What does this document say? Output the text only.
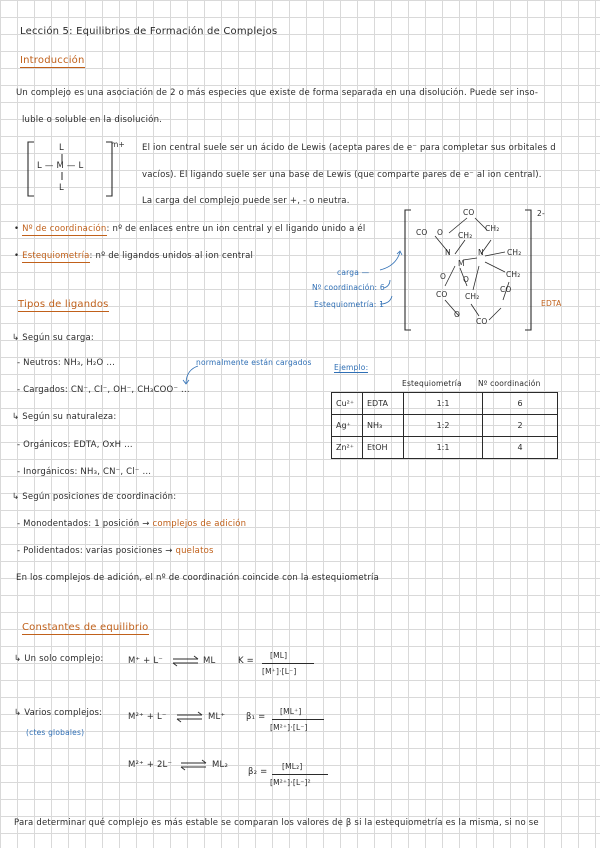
Lección 5: Equilibrios de Formación de Complejos
Introducción
Un complejo es una asociación de 2 o más especies que existe de forma separada en una disolución. Puede ser inso-
luble o soluble en la disolución.
L
L — M — L
L
m+ El ion central suele ser un ácido de Lewis (acepta pares de e⁻ para completar sus orbitales d
vacíos). El ligando suele ser una base de Lewis (que comparte pares de e⁻ al ion central).
La carga del complejo puede ser +, - o neutra.
• Nº de coordinación: nº de enlaces entre un ion central y el ligando unido a él
• Estequiometría: nº de ligandos unidos al ion central
2-
CO
CO O CH₂
CH₂
N	N	CH₂
M
CH₂
O O
CO
CO CH₂
O
CO
EDTA
carga —
Nº coordinación: 6
Estequiometría: 1
Tipos de ligandos
↳ Según su carga:
- Neutros: NH₃, H₂O ...	normalmente están cargados
- Cargados: CN⁻, Cl⁻, OH⁻, CH₃COO⁻ ...
↳ Según su naturaleza:
- Orgánicos: EDTA, OxH ...
- Inorgánicos: NH₃, CN⁻, Cl⁻ ...
↳ Según posiciones de coordinación:
- Monodentados: 1 posición → complejos de adición
- Polidentados: varias posiciones → quelatos
En los complejos de adición, el nº de coordinación coincide con la estequiometría
Ejemplo:
Estequiometría Nº coordinación
Cu²⁺	EDTA	1:1	6
Ag⁺	NH₃	1:2	2
Zn²⁺	EtOH	1:1	4
Constantes de equilibrio
↳ Un solo complejo:	M⁺ + L⁻ ⇌ ML	K =
[ML]
[M⁺]·[L⁻]
↳ Varios complejos:
(ctes globales)
M²⁺ + L⁻ ⇌ ML⁺ β₁ =
[ML⁺]
[M²⁺]·[L⁻]
M²⁺ + 2L⁻ ⇌ ML₂
β₂ =
[ML₂]
[M²⁺]·[L⁻]²
Para determinar qué complejo es más estable se comparan los valores de β si la estequiometría es la misma, si no se
